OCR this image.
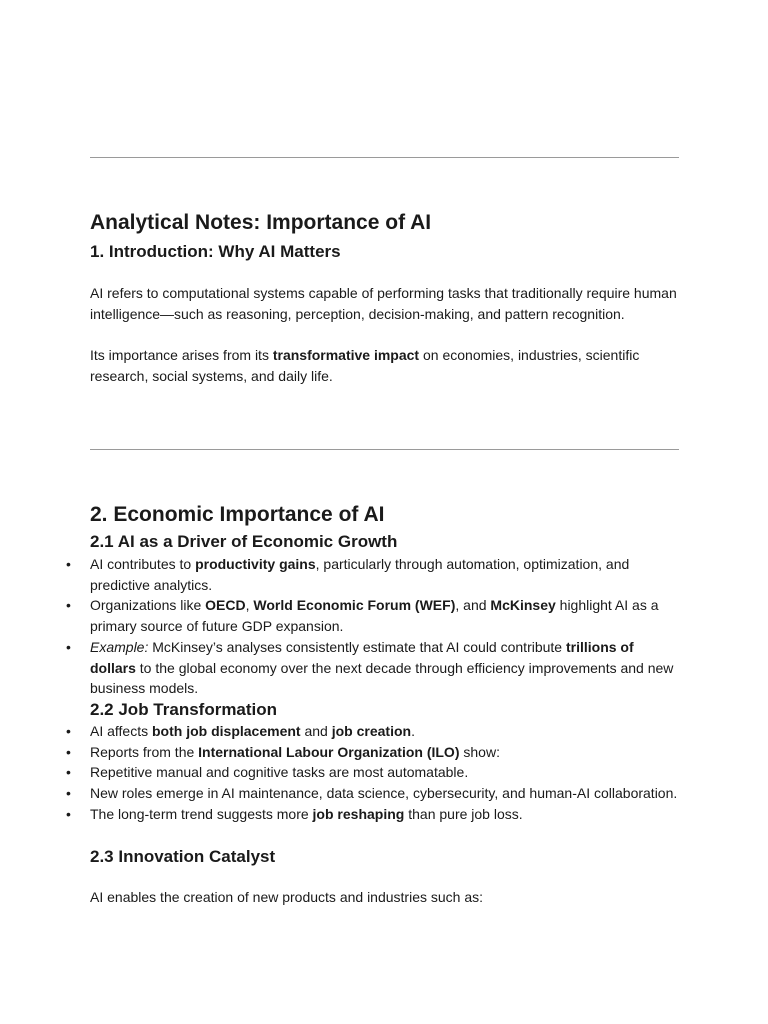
Analytical Notes: Importance of AI
1. Introduction: Why AI Matters

AI refers to computational systems capable of performing tasks that traditionally require human intelligence—such as reasoning, perception, decision-making, and pattern recognition.

Its importance arises from its transformative impact on economies, industries, scientific research, social systems, and daily life.

2. Economic Importance of AI
2.1 AI as a Driver of Economic Growth
• AI contributes to productivity gains, particularly through automation, optimization, and predictive analytics.
• Organizations like OECD, World Economic Forum (WEF), and McKinsey highlight AI as a primary source of future GDP expansion.
• Example: McKinsey’s analyses consistently estimate that AI could contribute trillions of dollars to the global economy over the next decade through efficiency improvements and new business models.
2.2 Job Transformation
• AI affects both job displacement and job creation.
• Reports from the International Labour Organization (ILO) show:
• Repetitive manual and cognitive tasks are most automatable.
• New roles emerge in AI maintenance, data science, cybersecurity, and human-AI collaboration.
• The long-term trend suggests more job reshaping than pure job loss.
2.3 Innovation Catalyst

AI enables the creation of new products and industries such as:
